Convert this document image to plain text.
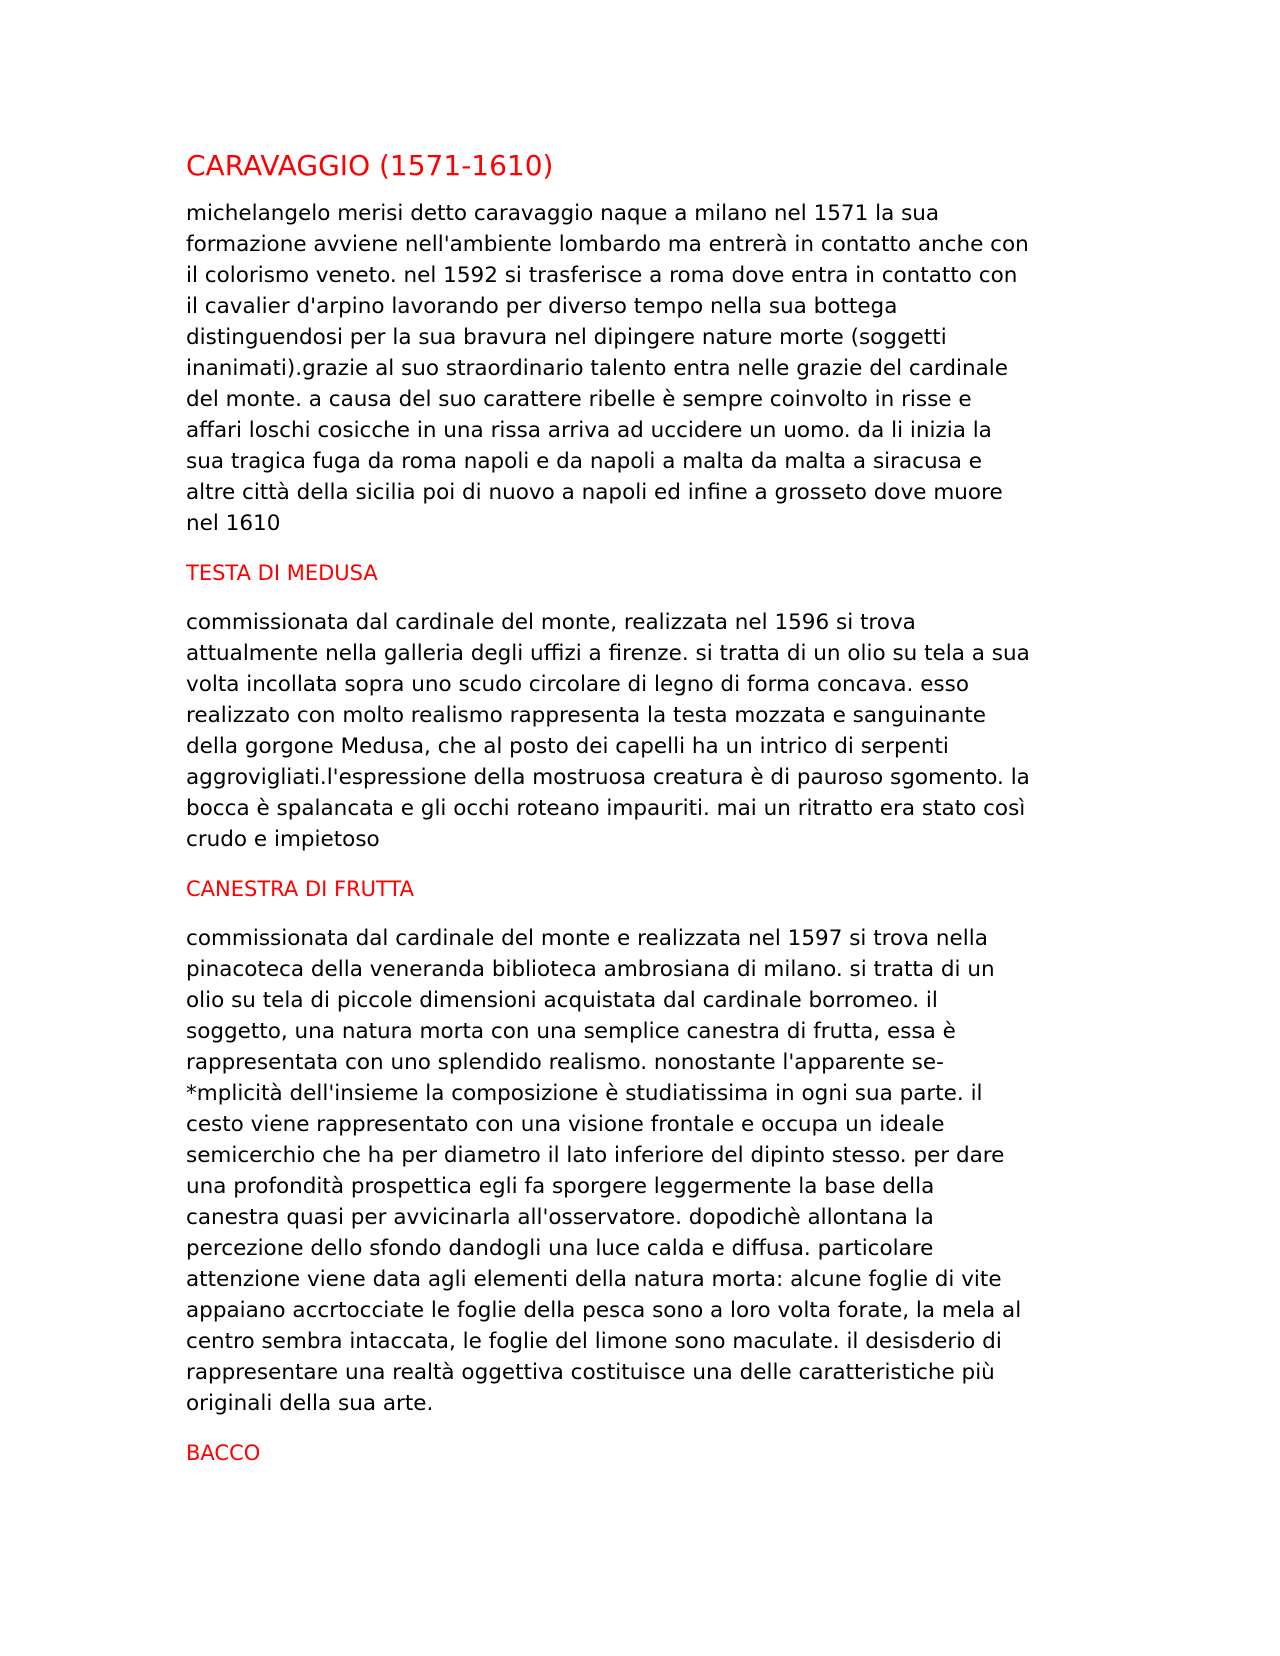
CARAVAGGIO (1571-1610)

michelangelo merisi detto caravaggio naque a milano nel 1571 la sua
formazione avviene nell'ambiente lombardo ma entrerà in contatto anche con
il colorismo veneto. nel 1592 si trasferisce a roma dove entra in contatto con
il cavalier d'arpino lavorando per diverso tempo nella sua bottega
distinguendosi per la sua bravura nel dipingere nature morte (soggetti
inanimati).grazie al suo straordinario talento entra nelle grazie del cardinale
del monte. a causa del suo carattere ribelle è sempre coinvolto in risse e
affari loschi cosicche in una rissa arriva ad uccidere un uomo. da li inizia la
sua tragica fuga da roma napoli e da napoli a malta da malta a siracusa e
altre città della sicilia poi di nuovo a napoli ed infine a grosseto dove muore
nel 1610

TESTA DI MEDUSA

commissionata dal cardinale del monte, realizzata nel 1596 si trova
attualmente nella galleria degli uffizi a firenze. si tratta di un olio su tela a sua
volta incollata sopra uno scudo circolare di legno di forma concava. esso
realizzato con molto realismo rappresenta la testa mozzata e sanguinante
della gorgone Medusa, che al posto dei capelli ha un intrico di serpenti
aggrovigliati.l'espressione della mostruosa creatura è di pauroso sgomento. la
bocca è spalancata e gli occhi roteano impauriti. mai un ritratto era stato così
crudo e impietoso

CANESTRA DI FRUTTA

commissionata dal cardinale del monte e realizzata nel 1597 si trova nella
pinacoteca della veneranda biblioteca ambrosiana di milano. si tratta di un
olio su tela di piccole dimensioni acquistata dal cardinale borromeo. il
soggetto, una natura morta con una semplice canestra di frutta, essa è
rappresentata con uno splendido realismo. nonostante l'apparente se-
*mplicità dell'insieme la composizione è studiatissima in ogni sua parte. il
cesto viene rappresentato con una visione frontale e occupa un ideale
semicerchio che ha per diametro il lato inferiore del dipinto stesso. per dare
una profondità prospettica egli fa sporgere leggermente la base della
canestra quasi per avvicinarla all'osservatore. dopodichè allontana la
percezione dello sfondo dandogli una luce calda e diffusa. particolare
attenzione viene data agli elementi della natura morta: alcune foglie di vite
appaiano accrtocciate le foglie della pesca sono a loro volta forate, la mela al
centro sembra intaccata, le foglie del limone sono maculate. il desisderio di
rappresentare una realtà oggettiva costituisce una delle caratteristiche più
originali della sua arte.

BACCO
